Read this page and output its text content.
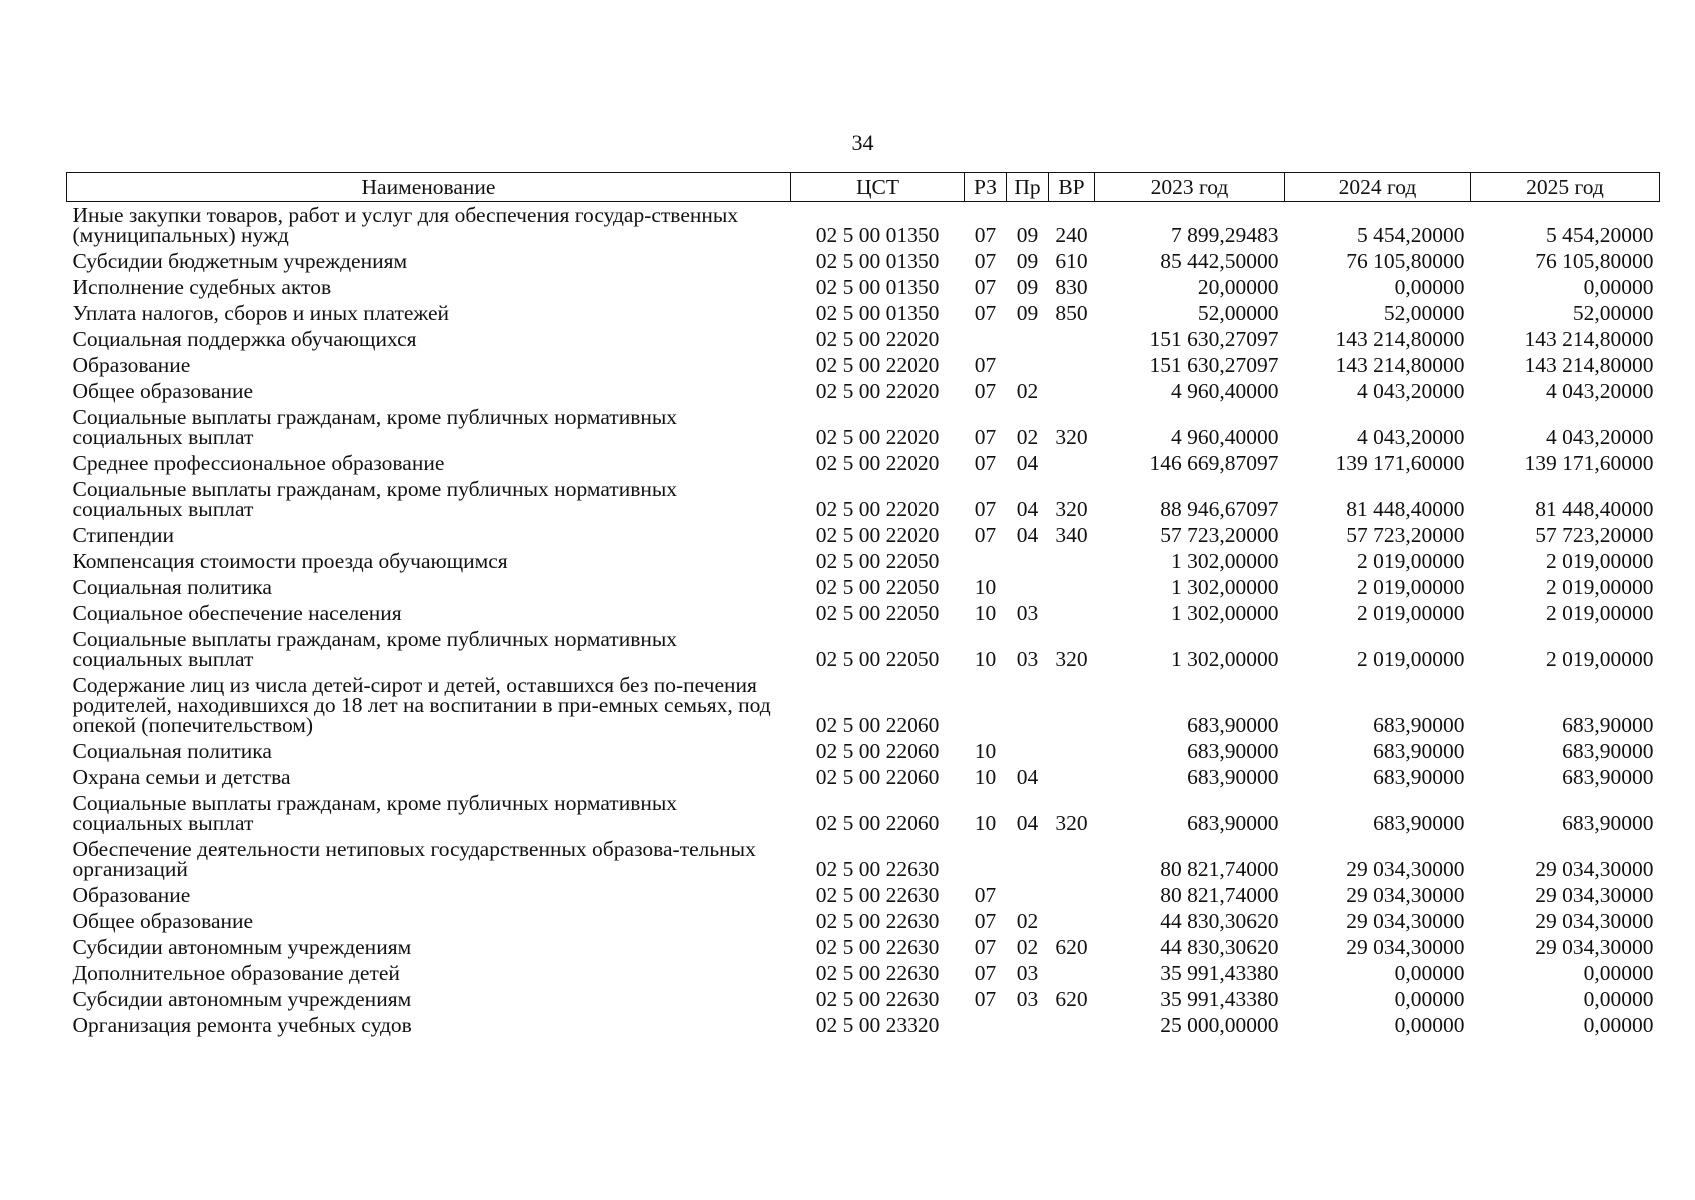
34
Наименование	ЦСТ	РЗ	Пр	ВР	2023 год	2024 год	2025 год
Иные закупки товаров, работ и услуг для обеспечения государ-ственных (муниципальных) нужд	02 5 00 01350	07	09	240	7 899,29483	5 454,20000	5 454,20000
Субсидии бюджетным учреждениям	02 5 00 01350	07	09	610	85 442,50000	76 105,80000	76 105,80000
Исполнение судебных актов	02 5 00 01350	07	09	830	20,00000	0,00000	0,00000
Уплата налогов, сборов и иных платежей	02 5 00 01350	07	09	850	52,00000	52,00000	52,00000
Социальная поддержка обучающихся	02 5 00 22020				151 630,27097	143 214,80000	143 214,80000
Образование	02 5 00 22020	07			151 630,27097	143 214,80000	143 214,80000
Общее образование	02 5 00 22020	07	02		4 960,40000	4 043,20000	4 043,20000
Социальные выплаты гражданам, кроме публичных нормативных социальных выплат	02 5 00 22020	07	02	320	4 960,40000	4 043,20000	4 043,20000
Среднее профессиональное образование	02 5 00 22020	07	04		146 669,87097	139 171,60000	139 171,60000
Социальные выплаты гражданам, кроме публичных нормативных социальных выплат	02 5 00 22020	07	04	320	88 946,67097	81 448,40000	81 448,40000
Стипендии	02 5 00 22020	07	04	340	57 723,20000	57 723,20000	57 723,20000
Компенсация стоимости проезда обучающимся	02 5 00 22050				1 302,00000	2 019,00000	2 019,00000
Социальная политика	02 5 00 22050	10			1 302,00000	2 019,00000	2 019,00000
Социальное обеспечение населения	02 5 00 22050	10	03		1 302,00000	2 019,00000	2 019,00000
Социальные выплаты гражданам, кроме публичных нормативных социальных выплат	02 5 00 22050	10	03	320	1 302,00000	2 019,00000	2 019,00000
Содержание лиц из числа детей-сирот и детей, оставшихся без по-печения родителей, находившихся до 18 лет на воспитании в при-емных семьях, под опекой (попечительством)	02 5 00 22060				683,90000	683,90000	683,90000
Социальная политика	02 5 00 22060	10			683,90000	683,90000	683,90000
Охрана семьи и детства	02 5 00 22060	10	04		683,90000	683,90000	683,90000
Социальные выплаты гражданам, кроме публичных нормативных социальных выплат	02 5 00 22060	10	04	320	683,90000	683,90000	683,90000
Обеспечение деятельности нетиповых государственных образова-тельных организаций	02 5 00 22630				80 821,74000	29 034,30000	29 034,30000
Образование	02 5 00 22630	07			80 821,74000	29 034,30000	29 034,30000
Общее образование	02 5 00 22630	07	02		44 830,30620	29 034,30000	29 034,30000
Субсидии автономным учреждениям	02 5 00 22630	07	02	620	44 830,30620	29 034,30000	29 034,30000
Дополнительное образование детей	02 5 00 22630	07	03		35 991,43380	0,00000	0,00000
Субсидии автономным учреждениям	02 5 00 22630	07	03	620	35 991,43380	0,00000	0,00000
Организация ремонта учебных судов	02 5 00 23320				25 000,00000	0,00000	0,00000
